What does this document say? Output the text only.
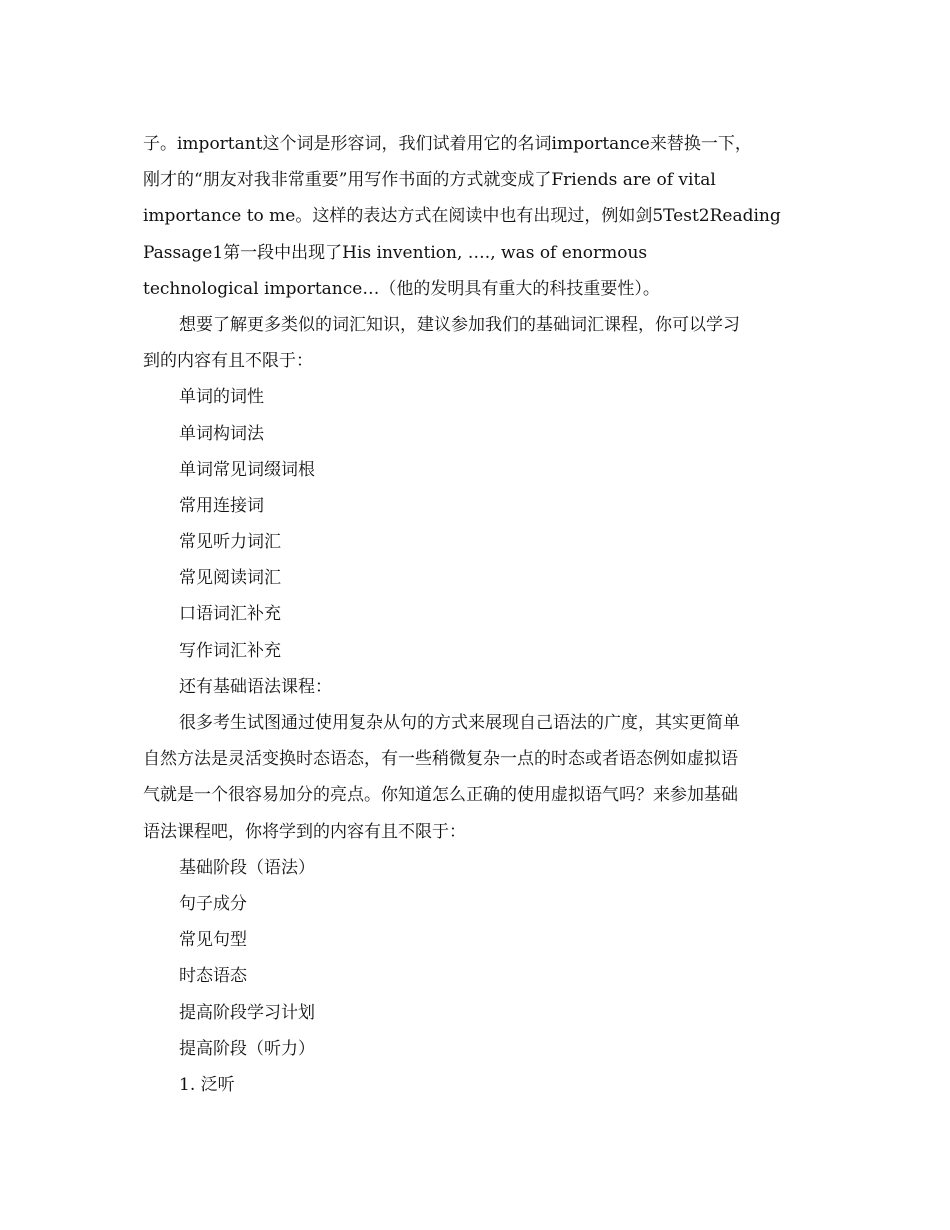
子。important这个词是形容词，我们试着用它的名词importance来替换一下，
刚才的“朋友对我非常重要”用写作书面的方式就变成了Friends are of vital
importance to me。这样的表达方式在阅读中也有出现过，例如剑5Test2Reading
Passage1第一段中出现了His invention, …., was of enormous
technological importance…（他的发明具有重大的科技重要性）。
想要了解更多类似的词汇知识，建议参加我们的基础词汇课程，你可以学习
到的内容有且不限于：
单词的词性
单词构词法
单词常见词缀词根
常用连接词
常见听力词汇
常见阅读词汇
口语词汇补充
写作词汇补充
还有基础语法课程：
很多考生试图通过使用复杂从句的方式来展现自己语法的广度，其实更简单
自然方法是灵活变换时态语态，有一些稍微复杂一点的时态或者语态例如虚拟语
气就是一个很容易加分的亮点。你知道怎么正确的使用虚拟语气吗？来参加基础
语法课程吧，你将学到的内容有且不限于：
基础阶段（语法）
句子成分
常见句型
时态语态
提高阶段学习计划
提高阶段（听力）
1. 泛听
